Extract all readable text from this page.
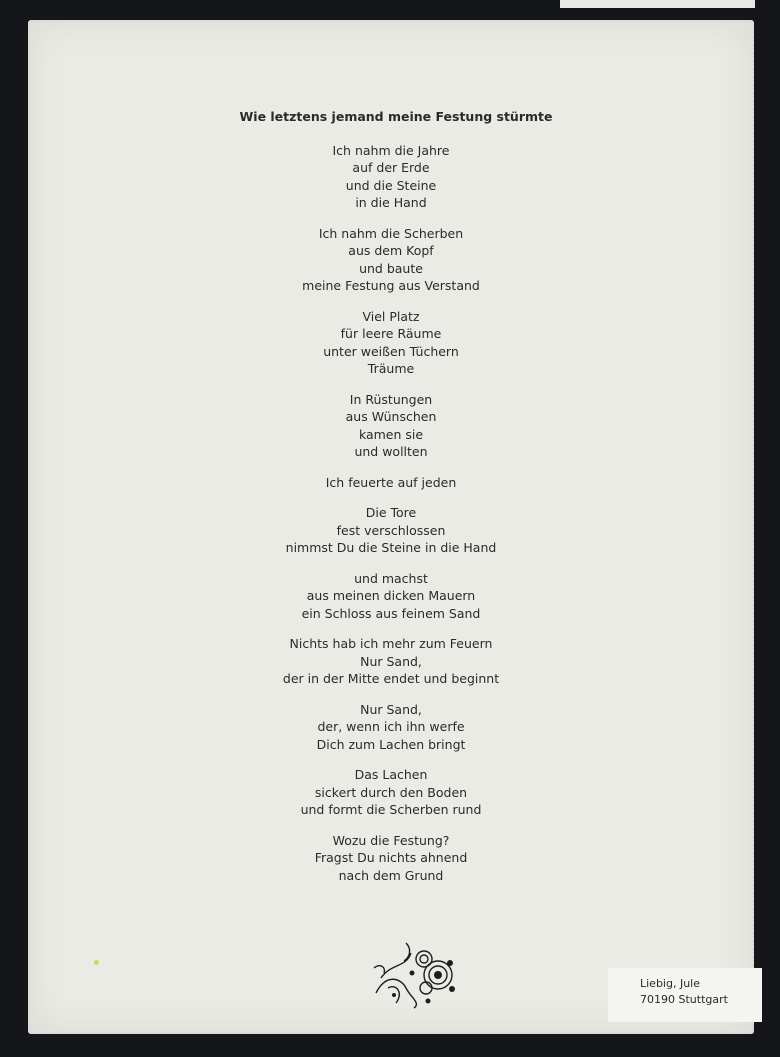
Wie letztens jemand meine Festung stürmte
Ich nahm die Jahre
auf der Erde
und die Steine
in die Hand
Ich nahm die Scherben
aus dem Kopf
und baute
meine Festung aus Verstand
Viel Platz
für leere Räume
unter weißen Tüchern
Träume
In Rüstungen
aus Wünschen
kamen sie
und wollten
Ich feuerte auf jeden
Die Tore
fest verschlossen
nimmst Du die Steine in die Hand
und machst
aus meinen dicken Mauern
ein Schloss aus feinem Sand
Nichts hab ich mehr zum Feuern
Nur Sand,
der in der Mitte endet und beginnt
Nur Sand,
der, wenn ich ihn werfe
Dich zum Lachen bringt
Das Lachen
sickert durch den Boden
und formt die Scherben rund
Wozu die Festung?
Fragst Du nichts ahnend
nach dem Grund
Liebig, Jule
70190 Stuttgart
